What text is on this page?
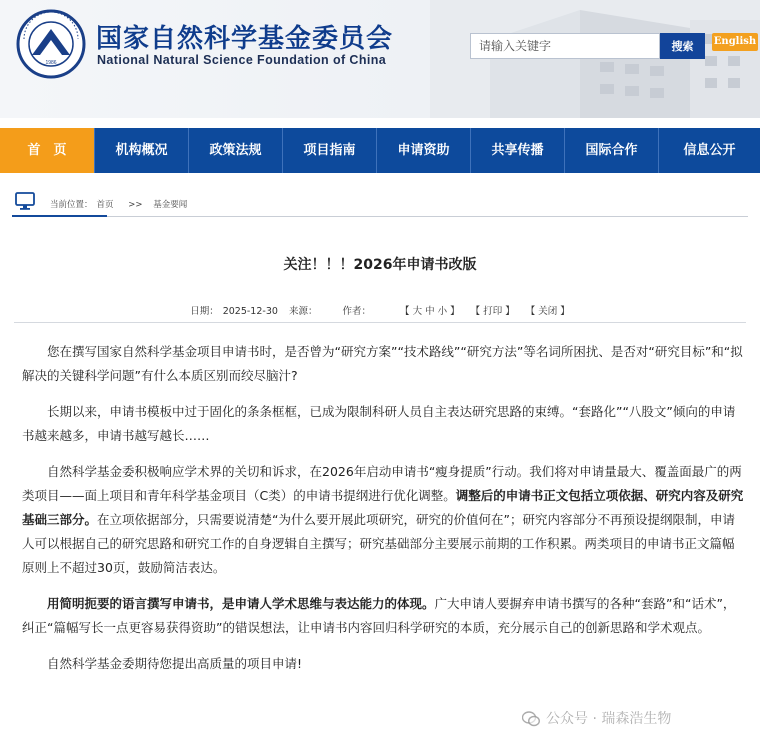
1986
国家自然科学基金委员会
National Natural Science Foundation of China
请输入关键字
搜索	English
首　页	机构概况	政策法规	项目指南	申请资助	共享传播	国际合作	信息公开
当前位置： 首页 >> 基金要闻
关注！！！2026年申请书改版
日期： 2025-12-30 来源：	作者：	【 大 中 小 】 【 打印 】 【 关闭 】

您在撰写国家自然科学基金项目申请书时，是否曾为“研究方案”“技术路线”“研究方法”等名词所困扰、是否对“研究目标”和“拟解决的关键科学问题”有什么本质区别而绞尽脑汁?

长期以来，申请书模板中过于固化的条条框框，已成为限制科研人员自主表达研究思路的束缚。“套路化”“八股文”倾向的申请书越来越多，申请书越写越长……

自然科学基金委积极响应学术界的关切和诉求，在2026年启动申请书“瘦身提质”行动。我们将对申请量最大、覆盖面最广的两类项目——面上项目和青年科学基金项目（C类）的申请书提纲进行优化调整。调整后的申请书正文包括立项依据、研究内容及研究基础三部分。在立项依据部分，只需要说清楚“为什么要开展此项研究，研究的价值何在”；研究内容部分不再预设提纲限制，申请人可以根据自己的研究思路和研究工作的自身逻辑自主撰写；研究基础部分主要展示前期的工作积累。两类项目的申请书正文篇幅原则上不超过30页，鼓励简洁表达。

用简明扼要的语言撰写申请书，是申请人学术思维与表达能力的体现。广大申请人要摒弃申请书撰写的各种“套路”和“话术”，纠正“篇幅写长一点更容易获得资助”的错误想法，让申请书内容回归科学研究的本质，充分展示自己的创新思路和学术观点。

自然科学基金委期待您提出高质量的项目申请!

公众号 · 瑞森浩生物
